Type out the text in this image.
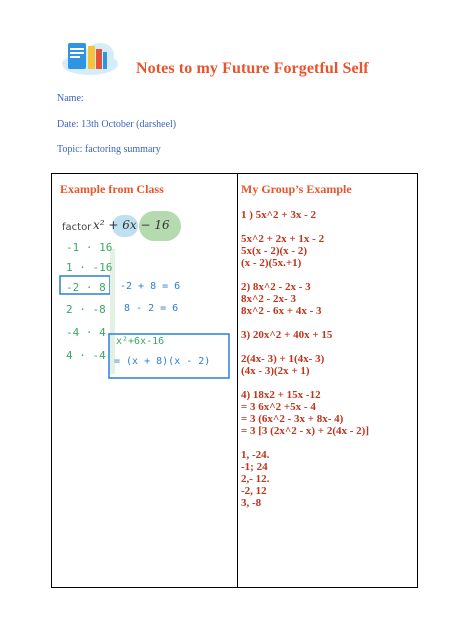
Notes to my Future Forgetful Self
Name:
Date: 13th October (darsheel)
Topic: factoring summary
Example from Class	My Group’s Example
factor x² + 6x − 16
-1 · 16
1 · -16
-2 · 8
2 · -8
-4 · 4
4 · -4
-2 + 8 = 6
8 - 2 = 6
x²+6x-16
= (x + 8)(x - 2)
1 ) 5x^2 + 3x - 2
5x^2 + 2x + 1x - 2
5x(x - 2)(x - 2)
(x - 2)(5x.+1)
2) 8x^2 - 2x - 3
8x^2 - 2x- 3
8x^2 - 6x + 4x - 3
3) 20x^2 + 40x + 15
2(4x- 3) + 1(4x- 3)
(4x - 3)(2x + 1)
4) 18x2 + 15x -12
= 3 6x^2 +5x - 4
= 3 (6x^2 - 3x + 8x- 4)
= 3 [3 (2x^2 - x) + 2(4x - 2)]
1, -24.
-1; 24
2,- 12.
-2, 12
3, -8
